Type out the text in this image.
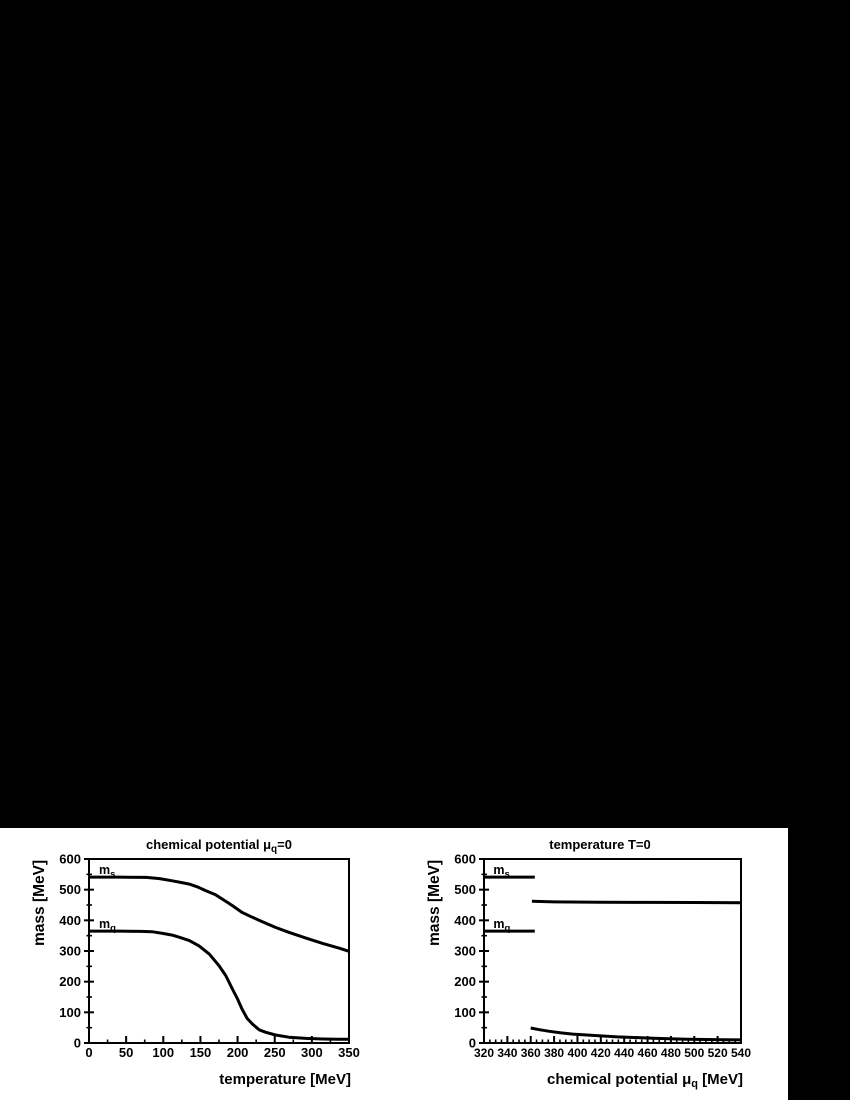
0
100
200
300
400
500
600
0 50 100 150 200 250 300 350
$m_s$
$m_q$
chemical potential $\mu_q=0$
temperature [MeV]
mass [MeV]
0
100
200
300
400
500
600
320 340 360 380 400 420 440 460 480 500 520 540
$m_s$
$m_q$
temperature T=0
chemical potential $\mu_q$ [MeV]
mass [MeV]
